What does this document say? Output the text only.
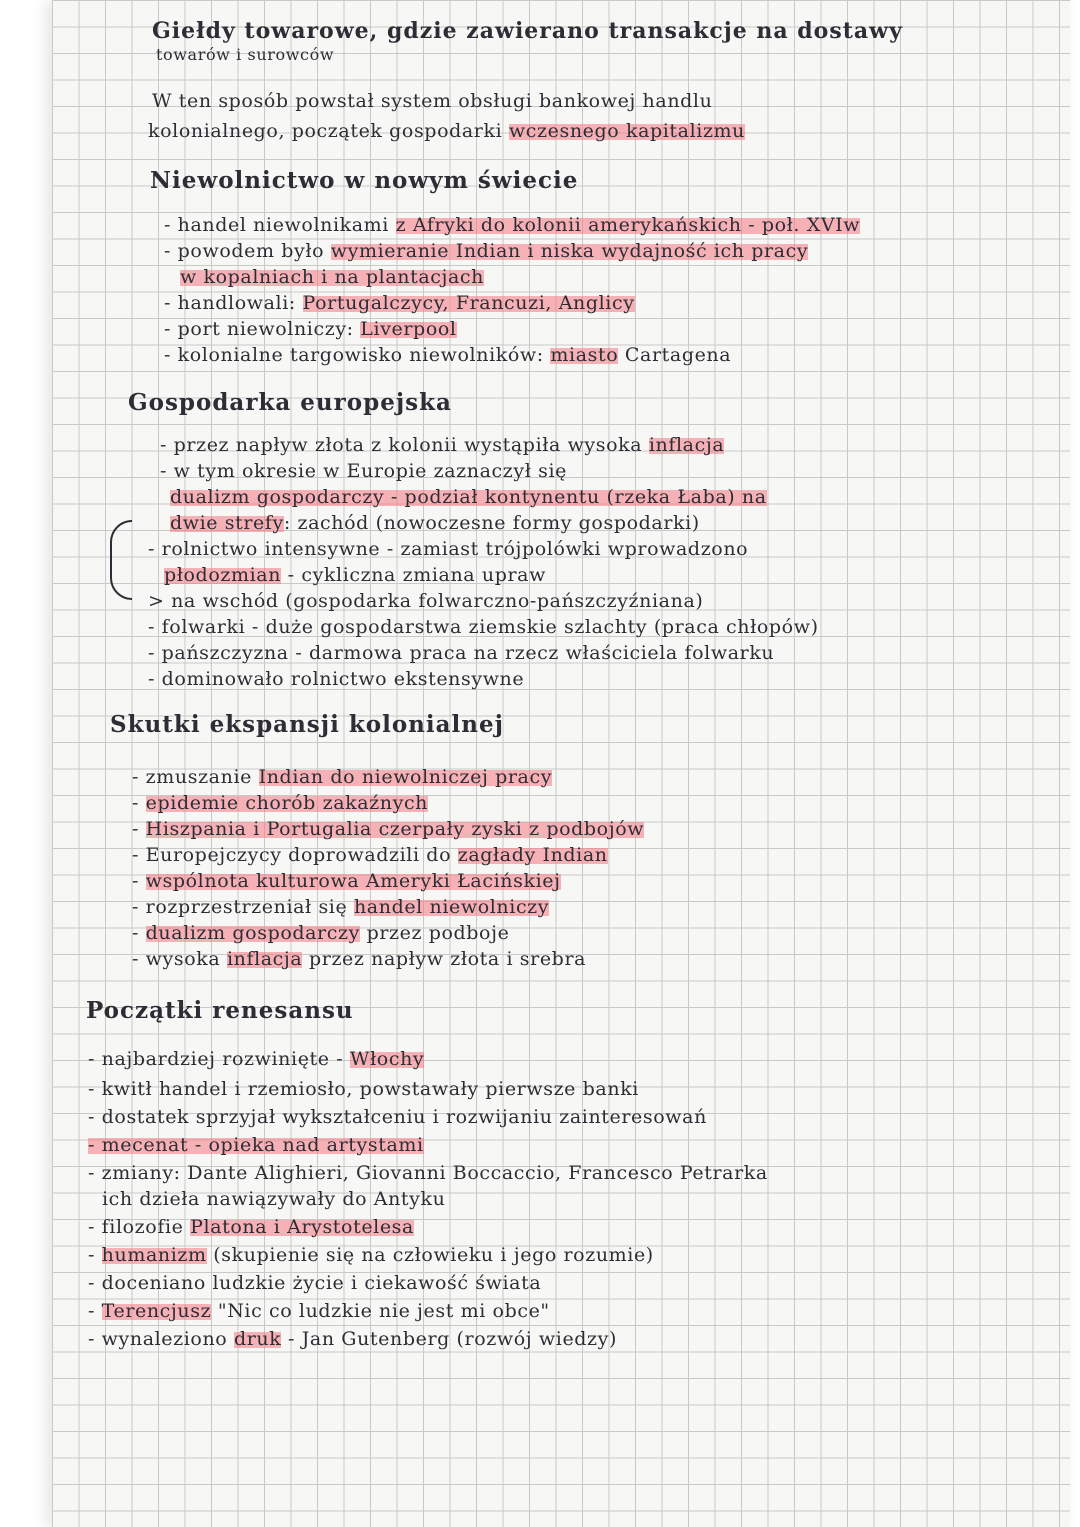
Giełdy towarowe, gdzie zawierano transakcje na dostawy
towarów i surowców
W ten sposób powstał system obsługi bankowej handlu
kolonialnego, początek gospodarki wczesnego kapitalizmu
Niewolnictwo w nowym świecie
- handel niewolnikami z Afryki do kolonii amerykańskich - poł. XVIw
- powodem było wymieranie Indian i niska wydajność ich pracy
w kopalniach i na plantacjach
- handlowali: Portugalczycy, Francuzi, Anglicy
- port niewolniczy: Liverpool
- kolonialne targowisko niewolników: miasto Cartagena
Gospodarka europejska
- przez napływ złota z kolonii wystąpiła wysoka inflacja
- w tym okresie w Europie zaznaczył się
dualizm gospodarczy - podział kontynentu (rzeka Łaba) na
dwie strefy: zachód (nowoczesne formy gospodarki)
- rolnictwo intensywne - zamiast trójpolówki wprowadzono
płodozmian - cykliczna zmiana upraw
> na wschód (gospodarka folwarczno-pańszczyźniana)
- folwarki - duże gospodarstwa ziemskie szlachty (praca chłopów)
- pańszczyzna - darmowa praca na rzecz właściciela folwarku
- dominowało rolnictwo ekstensywne
Skutki ekspansji kolonialnej
- zmuszanie Indian do niewolniczej pracy
- epidemie chorób zakaźnych
- Hiszpania i Portugalia czerpały zyski z podbojów
- Europejczycy doprowadzili do zagłady Indian
- wspólnota kulturowa Ameryki Łacińskiej
- rozprzestrzeniał się handel niewolniczy
- dualizm gospodarczy przez podboje
- wysoka inflacja przez napływ złota i srebra
Początki renesansu
- najbardziej rozwinięte - Włochy
- kwitł handel i rzemiosło, powstawały pierwsze banki
- dostatek sprzyjał wykształceniu i rozwijaniu zainteresowań
- mecenat - opieka nad artystami
- zmiany: Dante Alighieri, Giovanni Boccaccio, Francesco Petrarka
ich dzieła nawiązywały do Antyku
- filozofie Platona i Arystotelesa
- humanizm (skupienie się na człowieku i jego rozumie)
- doceniano ludzkie życie i ciekawość świata
- Terencjusz "Nic co ludzkie nie jest mi obce"
- wynaleziono druk - Jan Gutenberg (rozwój wiedzy)
